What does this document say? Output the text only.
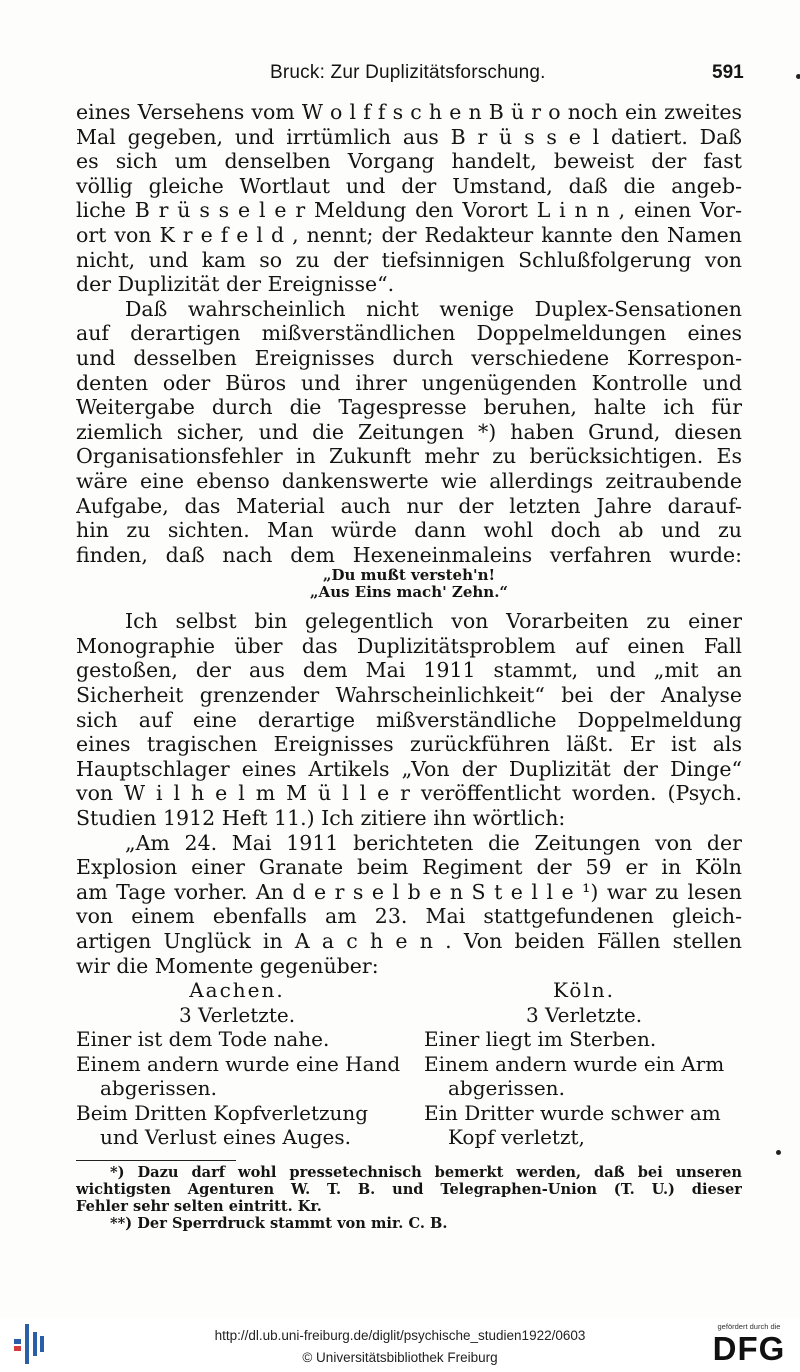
Bruck: Zur Duplizitätsforschung.	591
eines Versehens vom W o l f f s c h e n B ü r o noch ein zweites
Mal gegeben, und irrtümlich aus B r ü s s e l datiert. Daß
es sich um denselben Vorgang handelt, beweist der fast
völlig gleiche Wortlaut und der Umstand, daß die angeb-
liche B r ü s s e l e r Meldung den Vorort L i n n , einen Vor-
ort von K r e f e l d , nennt; der Redakteur kannte den Namen
nicht, und kam so zu der tiefsinnigen Schlußfolgerung von
der Duplizität der Ereignisse“.
Daß wahrscheinlich nicht wenige Duplex-Sensationen
auf derartigen mißverständlichen Doppelmeldungen eines
und desselben Ereignisses durch verschiedene Korrespon-
denten oder Büros und ihrer ungenügenden Kontrolle und
Weitergabe durch die Tagespresse beruhen, halte ich für
ziemlich sicher, und die Zeitungen *) haben Grund, diesen
Organisationsfehler in Zukunft mehr zu berücksichtigen. Es
wäre eine ebenso dankenswerte wie allerdings zeitraubende
Aufgabe, das Material auch nur der letzten Jahre darauf-
hin zu sichten. Man würde dann wohl doch ab und zu
finden, daß nach dem Hexeneinmaleins verfahren wurde:
„Du mußt versteh'n!
„Aus Eins mach' Zehn.“
Ich selbst bin gelegentlich von Vorarbeiten zu einer
Monographie über das Duplizitätsproblem auf einen Fall
gestoßen, der aus dem Mai 1911 stammt, und „mit an
Sicherheit grenzender Wahrscheinlichkeit“ bei der Analyse
sich auf eine derartige mißverständliche Doppelmeldung
eines tragischen Ereignisses zurückführen läßt. Er ist als
Hauptschlager eines Artikels „Von der Duplizität der Dinge“
von W i l h e l m M ü l l e r veröffentlicht worden. (Psych.
Studien 1912 Heft 11.) Ich zitiere ihn wörtlich:
„Am 24. Mai 1911 berichteten die Zeitungen von der
Explosion einer Granate beim Regiment der 59 er in Köln
am Tage vorher. An d e r s e l b e n S t e l l e ¹) war zu lesen
von einem ebenfalls am 23. Mai stattgefundenen gleich-
artigen Unglück in A a c h e n . Von beiden Fällen stellen
wir die Momente gegenüber:
Aachen.
3 Verletzte.
Einer ist dem Tode nahe.
Einem andern wurde eine Hand
abgerissen.
Beim Dritten Kopfverletzung
und Verlust eines Auges.
Köln.
3 Verletzte.
Einer liegt im Sterben.
Einem andern wurde ein Arm
abgerissen.
Ein Dritter wurde schwer am
Kopf verletzt,
*) Dazu darf wohl pressetechnisch bemerkt werden, daß bei unseren
wichtigsten Agenturen W. T. B. und Telegraphen-Union (T. U.) dieser
Fehler sehr selten eintritt. Kr.
**) Der Sperrdruck stammt von mir. C. B.
http://dl.ub.uni-freiburg.de/diglit/psychische_studien1922/0603
© Universitätsbibliothek Freiburg
gefördert durch die
DFG
